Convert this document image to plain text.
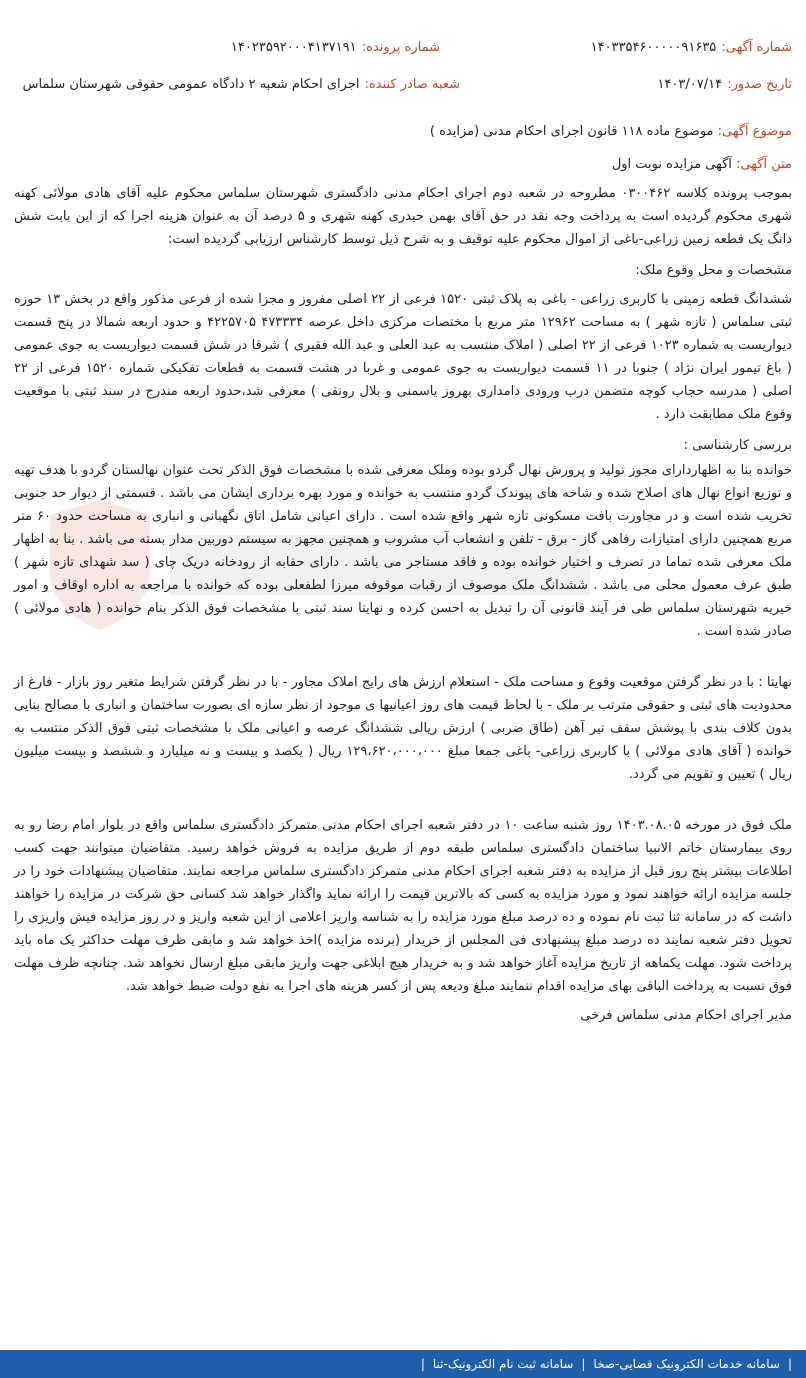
شماره آگهی: ۱۴۰۳۳۵۴۶۰۰۰۰۰۹۱۶۳۵
شماره پرونده: ۱۴۰۲۳۵۹۲۰۰۰۴۱۳۷۱۹۱
تاریخ صدور: ۱۴۰۳/۰۷/۱۴
شعبه صادر کننده: اجرای احکام شعبه ۲ دادگاه عمومی حقوقی شهرستان سلماس
موضوع آگهی: موضوع ماده ۱۱۸ قانون اجرای احکام مدنی (مزایده )
متن آگهی: آگهی مزایده نوبت اول

بموجب پرونده کلاسه ۰۳۰۰۴۶۲ مطروحه در شعبه دوم اجرای احکام مدنی دادگستری شهرستان سلماس محکوم علیه آقای هادی مولائی کهنه شهری محکوم گردیده است به پرداخت وجه نقد در حق آقای بهمن حیدری کهنه شهری و ۵ درصد آن به عنوان هزینه اجرا که از این بابت شش دانگ یک قطعه زمین زراعی-باغی از اموال محکوم علیه توقیف و به شرح ذیل توسط کارشناس ارزیابی گردیده است:

مشخصات و محل وقوع ملک:

ششدانگ قطعه زمینی با کاربری زراعی - باغی به پلاک ثبتی ۱۵۲۰ فرعی از ۲۲ اصلی مفروز و مجزا شده از فرعی مذکور واقع در بخش ۱۳ حوزه ثبتی سلماس ( تازه شهر ) به مساحت ۱۲۹۶۲ متر مربع با مختصات مرکزی داخل عرصه ۴۷۳۳۳۴ ۴۲۲۵۷۰۵ و حدود اربعه شمالا در پنج قسمت دیواریست به شماره ۱۰۲۳ فرعی از ۲۲ اصلی ( املاک منتسب به عبد العلی و عبد الله فقیری ) شرقا در شش قسمت دیواریست به جوی عمومی ( باغ تیمور ایران نژاد ) جنوبا در ۱۱ قسمت دیواریست به جوی عمومی و غربا در هشت قسمت به قطعات تفکیکی شماره ۱۵۲۰ فرعی از ۲۲ اصلی ( مدرسه حجاب کوچه متضمن درب ورودی دامداری بهروز یاسمنی و بلال رونقی ) معرفی شد،حدود اربعه مندرج در سند ثبتی با موقعیت وقوع ملک مطابقت دارد .

بررسی کارشناسی :

خوانده بنا به اظهاردارای مجوز تولید و پرورش نهال گردو بوده وملک معرفی شده با مشخصات فوق الذکر تحت عنوان نهالستان گردو با هدف تهیه و توزیع انواع نهال های اصلاح شده و شاخه های پیوندک گردو منتسب به خوانده و مورد بهره برداری ایشان می باشد . قسمتی از دیوار حد جنوبی تخریب شده است و در مجاورت بافت مسکونی تازه شهر واقع شده است . دارای اعیانی شامل اتاق نگهبانی و انباری به مساحت حدود ۶۰ متر مربع همچنین دارای امتیازات رفاهی گاز - برق - تلفن و انشعاب آب مشروب و همچنین مجهز به سیستم دوربین مدار بسته می باشد . بنا به اظهار ملک معرفی شده تماما در تصرف و اختیار خوانده بوده و فاقد مستاجر می باشد . دارای حقابه از رودخانه دریک چای ( سد شهدای تازه شهر ) طبق عرف معمول محلی می باشد . ششدانگ ملک موصوف از رقبات موقوفه میرزا لطفعلی بوده که خوانده با مراجعه به اداره اوقاف و امور خیریه شهرستان سلماس طی فر آیند قانونی آن را تبدیل به احسن کرده و نهایتا سند ثبتی با مشخصات فوق الذکر بنام خوانده ( هادی مولائی ) صادر شده است .

نهایتا : با در نظر گرفتن موقعیت وقوع و مساحت ملک - استعلام ارزش های رایج املاک مجاور - با در نظر گرفتن شرایط متغیر روز بازار - فارغ از محدودیت های ثبتی و حقوقی مترتب بر ملک - با لحاظ قیمت های روز اعیانیها ی موجود از نظر سازه ای بصورت ساختمان و انباری با مصالح بنایی بدون کلاف بندی با پوشش سقف تیر آهن (طاق ضربی ) ارزش ریالی ششدانگ عرصه و اعیانی ملک با مشخصات ثبتی فوق الذکر منتسب به خوانده ( آقای هادی مولائی ) با کاربری زراعی- باغی جمعا مبلغ ۱۲۹،۶۲۰،۰۰۰،۰۰۰ ریال ( یکصد و بیست و نه میلیارد و ششصد و بیست میلیون ریال ) تعیین و تقویم می گردد.

ملک فوق در مورخه ۱۴۰۳.۰۸.۰۵ روز شنبه ساعت ۱۰ در دفتر شعبه اجرای احکام مدنی متمرکز دادگستری سلماس واقع در بلوار امام رضا رو به روی بیمارستان خاتم الانبیا ساختمان دادگستری سلماس طبقه دوم از طریق مزایده به فروش خواهد رسید. متقاضیان میتوانند جهت کسب اطلاعات بیشتر پنج روز قبل از مزایده به دفتر شعبه اجرای احکام مدنی متمرکز دادگستری سلماس مراجعه نمایند. متقاضیان پیشنهادات خود را در جلسه مزایده ارائه خواهند نمود و مورد مزایده به کسی که بالاترین قیمت را ارائه نماید واگذار خواهد شد کسانی حق شرکت در مزایده را خواهند داشت که در سامانه ثنا ثبت نام نموده و ده درصد مبلغ مورد مزایده را به شناسه واریز اعلامی از این شعبه واریز و در روز مزایده فیش واریزی را تحویل دفتر شعبه نمایند ده درصد مبلغ پیشنهادی فی المجلس از خریدار (برنده مزایده )اخذ خواهد شد و مابقی ظرف مهلت حداکثر یک ماه باید پرداخت شود. مهلت یکماهه از تاریخ مزایده آغاز خواهد شد و به خریدار هیچ ابلاغی جهت واریز مابقی مبلغ ارسال نخواهد شد. چنانچه ظرف مهلت فوق نسبت به پرداخت الباقی بهای مزایده اقدام ننمایند مبلغ ودیعه پس از کسر هزینه های اجرا به نفع دولت ضبط خواهد شد.

مدیر اجرای احکام مدنی سلماس فرخی
|
سامانه خدمات الکترونیک قضایی-صخا
|
سامانه ثبت نام الکترونیک-ثنا
|
